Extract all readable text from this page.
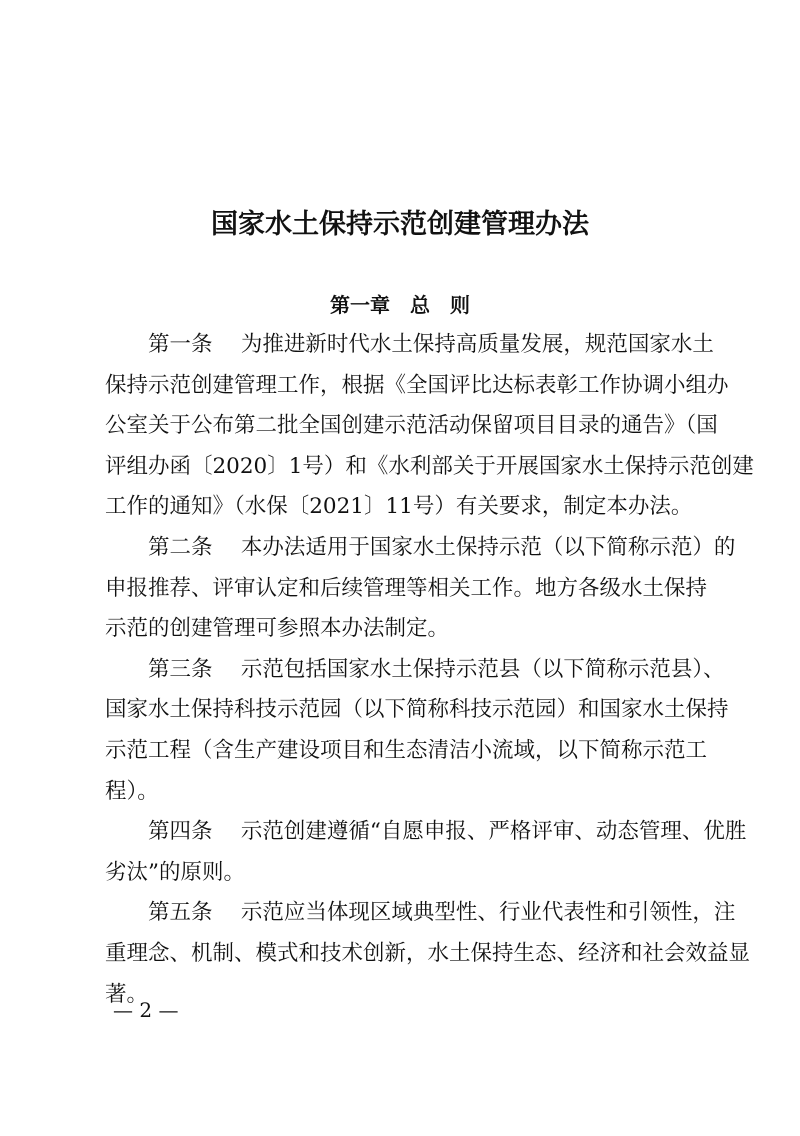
国家水土保持示范创建管理办法
第一章　总　则
第一条　 为推进新时代水土保持高质量发展，规范国家水土
保持示范创建管理工作，根据《全国评比达标表彰工作协调小组办
公室关于公布第二批全国创建示范活动保留项目目录的通告》（国
评组办函〔2020〕1号）和《水利部关于开展国家水土保持示范创建
工作的通知》（水保〔2021〕11号）有关要求，制定本办法。
第二条　 本办法适用于国家水土保持示范（以下简称示范）的
申报推荐、评审认定和后续管理等相关工作。地方各级水土保持
示范的创建管理可参照本办法制定。
第三条　 示范包括国家水土保持示范县（以下简称示范县）、
国家水土保持科技示范园（以下简称科技示范园）和国家水土保持
示范工程（含生产建设项目和生态清洁小流域，以下简称示范工
程）。
第四条　 示范创建遵循“自愿申报、严格评审、动态管理、优胜
劣汰”的原则。
第五条　 示范应当体现区域典型性、行业代表性和引领性，注
重理念、机制、模式和技术创新，水土保持生态、经济和社会效益显
著。
— 2 —
